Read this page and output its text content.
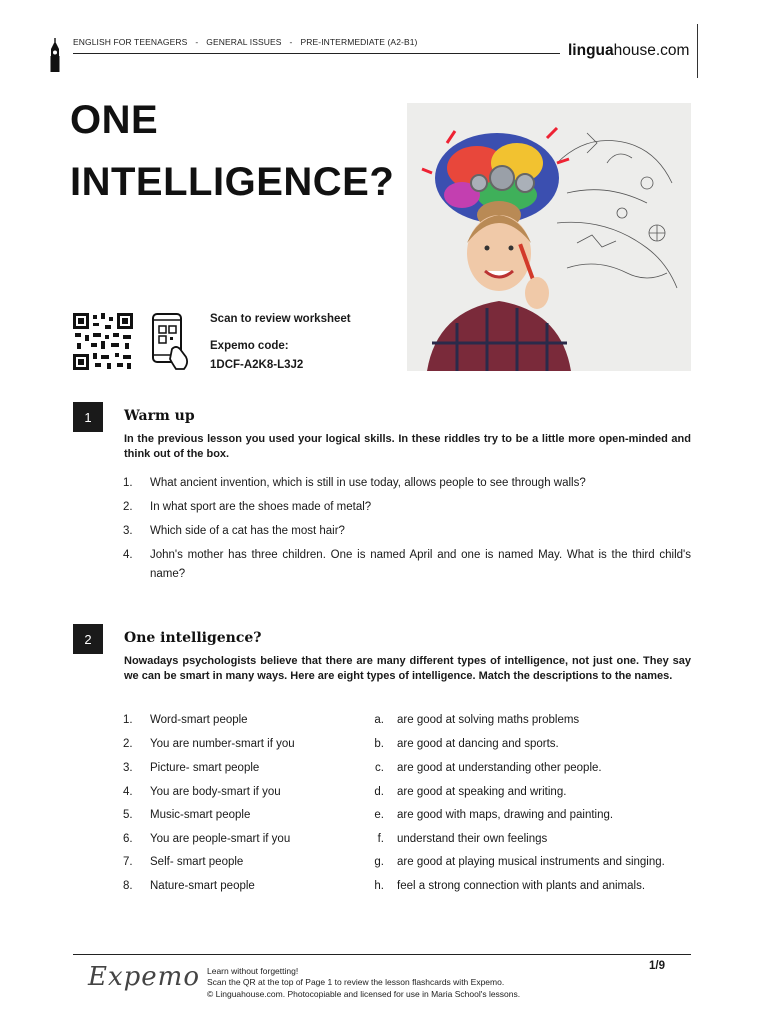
ENGLISH FOR TEENAGERS - GENERAL ISSUES - PRE-INTERMEDIATE (A2-B1)	linguahouse.com
ONE
INTELLIGENCE?
Scan to review worksheet
Expemo code:
1DCF-A2K8-L3J2
1	Warm up
In the previous lesson you used your logical skills. In these riddles try to be a little more open-minded and think out of the box.
1. What ancient invention, which is still in use today, allows people to see through walls?
2. In what sport are the shoes made of metal?
3. Which side of a cat has the most hair?
4. John's mother has three children. One is named April and one is named May. What is the third child's name?
2	One intelligence?
Nowadays psychologists believe that there are many different types of intelligence, not just one. They say we can be smart in many ways. Here are eight types of intelligence. Match the descriptions to the names.
1. Word-smart people	a. are good at solving maths problems
2. You are number-smart if you	b. are good at dancing and sports.
3. Picture- smart people	c. are good at understanding other people.
4. You are body-smart if you	d. are good at speaking and writing.
5. Music-smart people	e. are good with maps, drawing and painting.
6. You are people-smart if you	f. understand their own feelings
7. Self- smart people	g. are good at playing musical instruments and singing.
8. Nature-smart people	h. feel a strong connection with plants and animals.
Expemo Learn without forgetting!
Scan the QR at the top of Page 1 to review the lesson flashcards with Expemo.
© Linguahouse.com. Photocopiable and licensed for use in Maria School's lessons.
1/9
